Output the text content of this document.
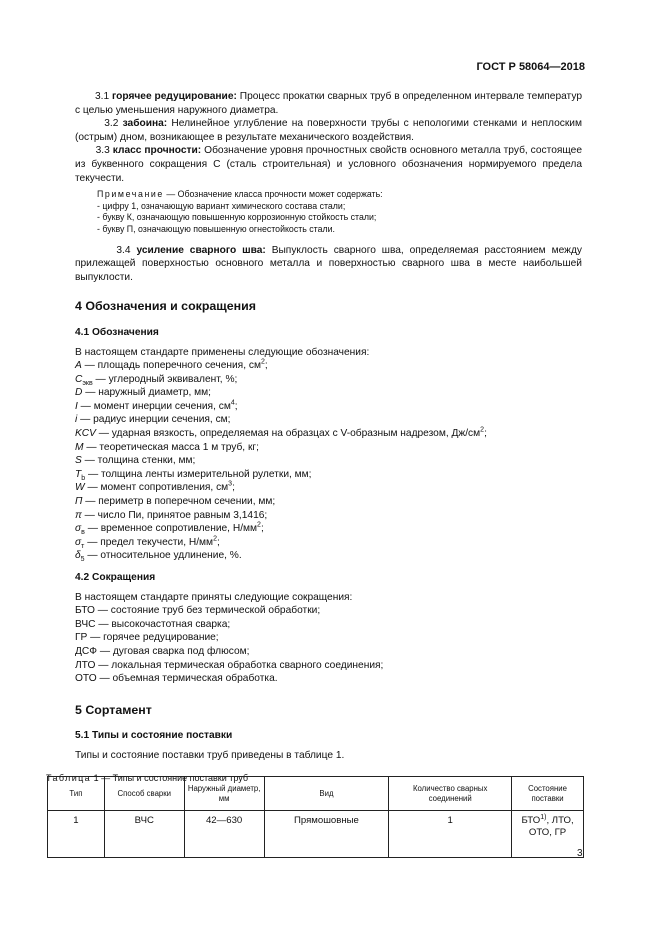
ГОСТ Р 58064—2018

3.1 горячее редуцирование: Процесс прокатки сварных труб в определенном интервале температур с целью уменьшения наружного диаметра.

3.2 забоина: Нелинейное углубление на поверхности трубы с непологими стенками и неплоским (острым) дном, возникающее в результате механического воздействия.

3.3 класс прочности: Обозначение уровня прочностных свойств основного металла труб, состоящее из буквенного сокращения С (сталь строительная) и условного обозначения нормируемого предела текучести.

Примечание — Обозначение класса прочности может содержать:

- цифру 1, означающую вариант химического состава стали;

- букву К, означающую повышенную коррозионную стойкость стали;

- букву П, означающую повышенную огнестойкость стали.

3.4 усиление сварного шва: Выпуклость сварного шва, определяемая расстоянием между прилежащей поверхностью основного металла и поверхностью сварного шва в месте наибольшей выпуклости.

4 Обозначения и сокращения
4.1 Обозначения

В настоящем стандарте применены следующие обозначения:

A — площадь поперечного сечения, $см^2$;

$C_{экв}$ — углеродный эквивалент, %;

D — наружный диаметр, мм;

I — момент инерции сечения, $см^4$;

i — радиус инерции сечения, см;

KCV — ударная вязкость, определяемая на образцах с V-образным надрезом, $Дж/см^2$;

M — теоретическая масса 1 м труб, кг;

S — толщина стенки, мм;

$T_b$ — толщина ленты измерительной рулетки, мм;

W — момент сопротивления, $см^3$;

П — периметр в поперечном сечении, мм;

π — число Пи, принятое равным 3,1416;

$\sigma_в$ — временное сопротивление, $Н/мм^2$;

$\sigma_т$ — предел текучести, $Н/мм^2$;

$\delta_5$ — относительное удлинение, %.

4.2 Сокращения

В настоящем стандарте приняты следующие сокращения:

БТО — состояние труб без термической обработки;

ВЧС — высокочастотная сварка;

ГР — горячее редуцирование;

ДСФ — дуговая сварка под флюсом;

ЛТО — локальная термическая обработка сварного соединения;

ОТО — объемная термическая обработка.

5 Сортамент
5.1 Типы и состояние поставки

Типы и состояние поставки труб приведены в таблице 1.

Таблица 1 — Типы и состояние поставки труб
Тип	Способ сварки	Наружный диаметр, мм	Вид	Количество сварных соединений	Состояние поставки
1	ВЧС	42—630	Прямошовные	1	БТО$^{1)}$, ЛТО,
ОТО, ГР
3
